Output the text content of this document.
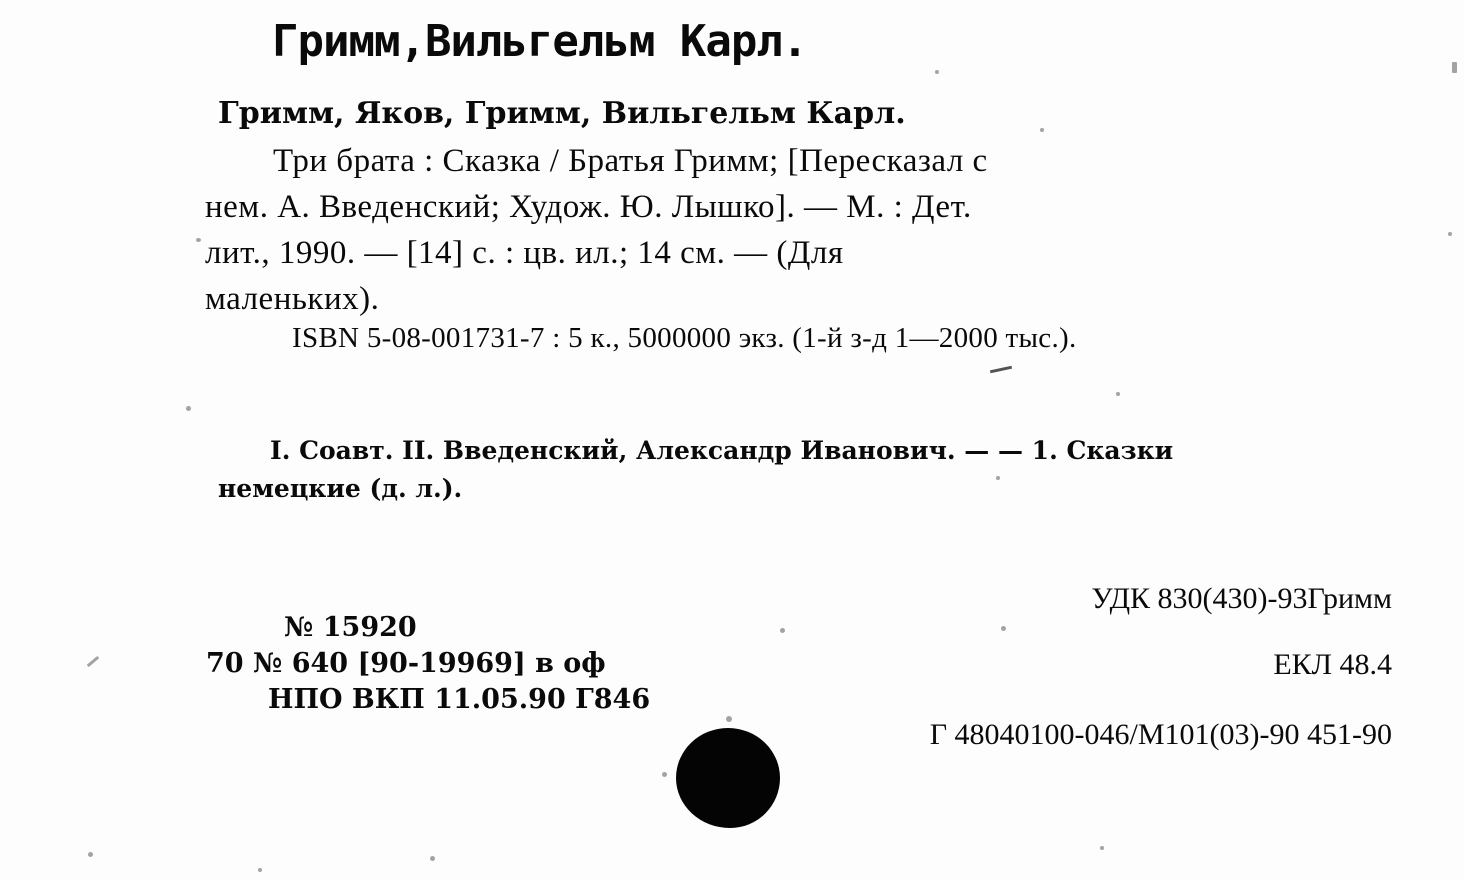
Гримм,Вильгельм Карл.
Гримм, Яков, Гримм, Вильгельм Карл.
Три брата : Сказка / Братья Гримм; [Пересказал с
нем. А. Введенский; Худож. Ю. Лышко]. — М. : Дет.
лит., 1990. — [14] с. : цв. ил.; 14 см. — (Для
маленьких).
ISBN 5-08-001731-7 : 5 к., 5000000 экз. (1-й з-д 1—2000 тыс.).
I. Соавт. II. Введенский, Александр Иванович. — — 1. Сказки
немецкие (д. л.).
УДК 830(430)-93Гримм
ЕКЛ 48.4
Г 48040100-046/М101(03)-90 451-90
№ 15920
70 № 640 [90-19969] в оф
НПО ВКП 11.05.90 Г846
